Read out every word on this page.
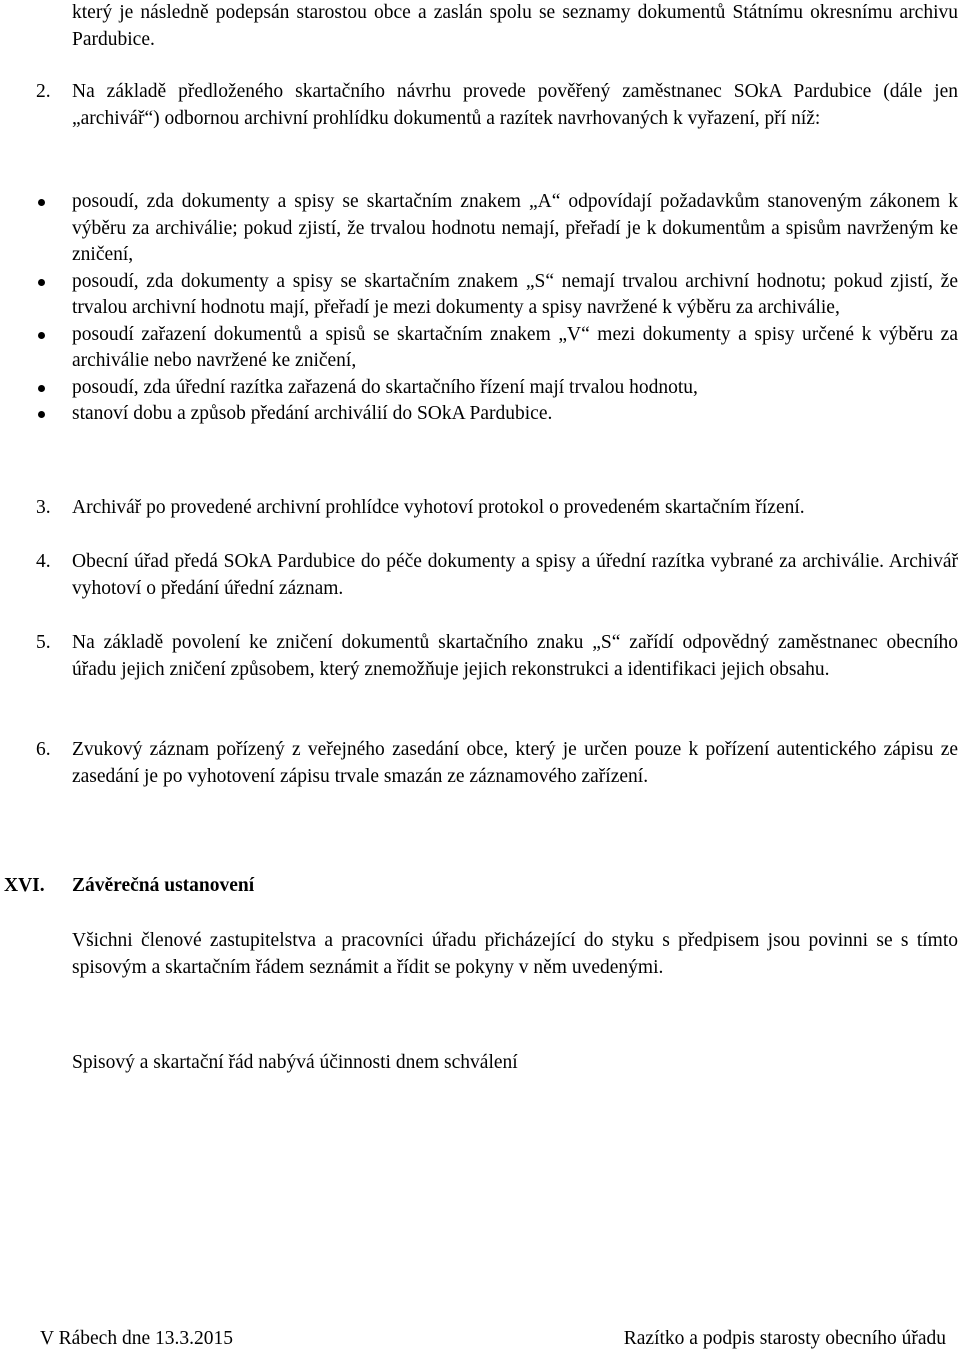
který je následně podepsán starostou obce a zaslán spolu se seznamy dokumentů Státnímu okresnímu archivu Pardubice.
2.	Na základě předloženého skartačního návrhu provede pověřený zaměstnanec SOkA Pardubice (dále jen „archivář“) odbornou archivní prohlídku dokumentů a razítek navrhovaných k vyřazení, pří níž:
posoudí, zda dokumenty a spisy se skartačním znakem „A“ odpovídají požadavkům stanoveným zákonem k výběru za archiválie; pokud zjistí, že trvalou hodnotu nemají, přeřadí je k dokumentům a spisům navrženým ke zničení,
posoudí, zda dokumenty a spisy se skartačním znakem „S“ nemají trvalou archivní hodnotu; pokud zjistí, že trvalou archivní hodnotu mají, přeřadí je mezi dokumenty a spisy navržené k výběru za archiválie,
posoudí zařazení dokumentů a spisů se skartačním znakem „V“ mezi dokumenty a spisy určené k výběru za archiválie nebo navržené ke zničení,
posoudí, zda úřední razítka zařazená do skartačního řízení mají trvalou hodnotu,
stanoví dobu a způsob předání archiválií do SOkA Pardubice.
3.	Archivář po provedené archivní prohlídce vyhotoví protokol o provedeném skartačním řízení.
4.	Obecní úřad předá SOkA Pardubice do péče dokumenty a spisy a úřední razítka vybrané za archiválie. Archivář vyhotoví o předání úřední záznam.
5.	Na základě povolení ke zničení dokumentů skartačního znaku „S“ zařídí odpovědný zaměstnanec obecního úřadu jejich zničení způsobem, který znemožňuje jejich rekonstrukci a identifikaci jejich obsahu.
6.	Zvukový záznam pořízený z veřejného zasedání obce, který je určen pouze k pořízení autentického zápisu ze zasedání je po vyhotovení zápisu trvale smazán ze záznamového zařízení.
XVI. Závěrečná ustanovení
Všichni členové zastupitelstva a pracovníci úřadu přicházející do styku s předpisem jsou povinni se s tímto spisovým a skartačním řádem seznámit a řídit se pokyny v něm uvedenými.
Spisový a skartační řád nabývá účinnosti dnem schválení
V Rábech dne 13.3.2015	Razítko a podpis starosty obecního úřadu
